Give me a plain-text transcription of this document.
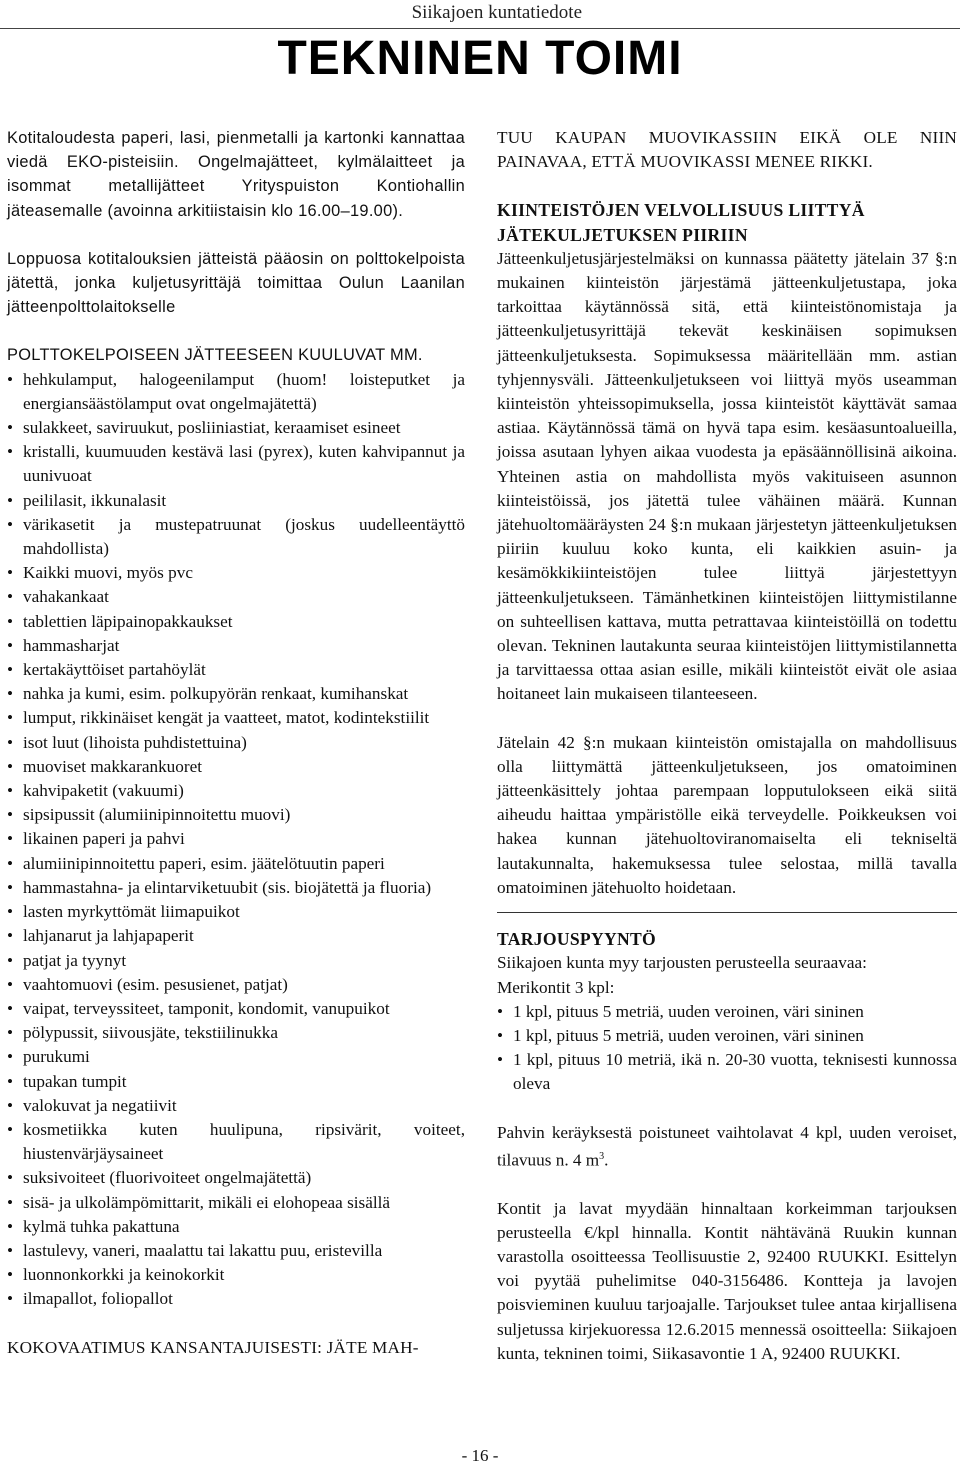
Siikajoen kuntatiedote
TEKNINEN TOIMI

Kotitaloudesta paperi, lasi, pienmetalli ja kartonki kannattaa viedä EKO-pisteisiin. Ongelmajätteet, kylmälaitteet ja isommat metallijätteet Yrityspuiston Kontiohallin jäteasemalle (avoinna arkitiistaisin klo 16.00–19.00).

Loppuosa kotitalouksien jätteistä pääosin on polttokelpoista jätettä, jonka kuljetusyrittäjä toimittaa Oulun Laanilan jätteenpolttolaitokselle

POLTTOKELPOISEEN JÄTTEESEEN KUULUVAT MM.

• hehkulamput, halogeenilamput (huom! loisteputket ja energiansäästölamput ovat ongelmajätettä)
• sulakkeet, saviruukut, posliiniastiat, keraamiset esineet
• kristalli, kuumuuden kestävä lasi (pyrex), kuten kahvipannut ja uunivuoat
• peililasit, ikkunalasit
• värikasetit ja mustepatruunat (joskus uudelleentäyttö mahdollista)
• Kaikki muovi, myös pvc
• vahakankaat
• tablettien läpipainopakkaukset
• hammasharjat
• kertakäyttöiset partahöylät
• nahka ja kumi, esim. polkupyörän renkaat, kumihanskat
• lumput, rikkinäiset kengät ja vaatteet, matot, kodintekstiilit
• isot luut (lihoista puhdistettuina)
• muoviset makkarankuoret
• kahvipaketit (vakuumi)
• sipsipussit (alumiinipinnoitettu muovi)
• likainen paperi ja pahvi
• alumiinipinnoitettu paperi, esim. jäätelötuutin paperi
• hammastahna- ja elintarviketuubit (sis. biojätettä ja fluoria)
• lasten myrkyttömät liimapuikot
• lahjanarut ja lahjapaperit
• patjat ja tyynyt
• vaahtomuovi (esim. pesusienet, patjat)
• vaipat, terveyssiteet, tamponit, kondomit, vanupuikot
• pölypussit, siivousjäte, tekstiilinukka
• purukumi
• tupakan tumpit
• valokuvat ja negatiivit
• kosmetiikka kuten huulipuna, ripsivärit, voiteet, hiustenvärjäysaineet
• suksivoiteet (fluorivoiteet ongelmajätettä)
• sisä- ja ulkolämpömittarit, mikäli ei elohopeaa sisällä
• kylmä tuhka pakattuna
• lastulevy, vaneri, maalattu tai lakattu puu, eristevilla
• luonnonkorkki ja keinokorkit
• ilmapallot, foliopallot

KOKOVAATIMUS KANSANTAJUISESTI: JÄTE MAH-

TUU KAUPAN MUOVIKASSIIN EIKÄ OLE NIIN PAINAVAA, ETTÄ MUOVIKASSI MENEE RIKKI.

KIINTEISTÖJEN VELVOLLISUUS LIITTYÄ JÄTEKULJETUKSEN PIIRIIN

Jätteenkuljetusjärjestelmäksi on kunnassa päätetty jätelain 37 §:n mukainen kiinteistön järjestämä jätteenkuljetustapa, joka tarkoittaa käytännössä sitä, että kiinteistönomistaja ja jätteenkuljetusyrittäjä tekevät keskinäisen sopimuksen jätteenkuljetuksesta. Sopimuksessa määritellään mm. astian tyhjennysväli. Jätteenkuljetukseen voi liittyä myös useamman kiinteistön yhteissopimuksella, jossa kiinteistöt käyttävät samaa astiaa. Käytännössä tämä on hyvä tapa esim. kesäasuntoalueilla, joissa asutaan lyhyen aikaa vuodesta ja epäsäännöllisinä aikoina. Yhteinen astia on mahdollista myös vakituiseen asunnon kiinteistöissä, jos jätettä tulee vähäinen määrä. Kunnan jätehuoltomääräysten 24 §:n mukaan järjestetyn jätteenkuljetuksen piiriin kuuluu koko kunta, eli kaikkien asuin- ja kesämökkikiinteistöjen tulee liittyä järjestettyyn jätteenkuljetukseen. Tämänhetkinen kiinteistöjen liittymistilanne on suhteellisen kattava, mutta petrattavaa kiinteistöillä on todettu olevan. Tekninen lautakunta seuraa kiinteistöjen liittymistilannetta ja tarvittaessa ottaa asian esille, mikäli kiinteistöt eivät ole asiaa hoitaneet lain mukaiseen tilanteeseen.

Jätelain 42 §:n mukaan kiinteistön omistajalla on mahdollisuus olla liittymättä jätteenkuljetukseen, jos omatoiminen jätteenkäsittely johtaa parempaan lopputulokseen eikä siitä aiheudu haittaa ympäristölle eikä terveydelle. Poikkeuksen voi hakea kunnan jätehuoltoviranomaiselta eli tekniseltä lautakunnalta, hakemuksessa tulee selostaa, millä tavalla omatoiminen jätehuolto hoidetaan.

TARJOUSPYYNTÖ

Siikajoen kunta myy tarjousten perusteella seuraavaa:

Merikontit 3 kpl:

• 1 kpl, pituus 5 metriä, uuden veroinen, väri sininen
• 1 kpl, pituus 5 metriä, uuden veroinen, väri sininen
• 1 kpl, pituus 10 metriä, ikä n. 20-30 vuotta, teknisesti kunnossa oleva

Pahvin keräyksestä poistuneet vaihtolavat 4 kpl, uuden veroiset, tilavuus n. 4 $m^3$.

Kontit ja lavat myydään hinnaltaan korkeimman tarjouksen perusteella €/kpl hinnalla. Kontit nähtävänä Ruukin kunnan varastolla osoitteessa Teollisuustie 2, 92400 RUUKKI. Esittelyn voi pyytää puhelimitse 040-3156486. Kontteja ja lavojen poisvieminen kuuluu tarjoajalle. Tarjoukset tulee antaa kirjallisena suljetussa kirjekuoressa 12.6.2015 mennessä osoitteella: Siikajoen kunta, tekninen toimi, Siikasavontie 1 A, 92400 RUUKKI.

- 16 -
